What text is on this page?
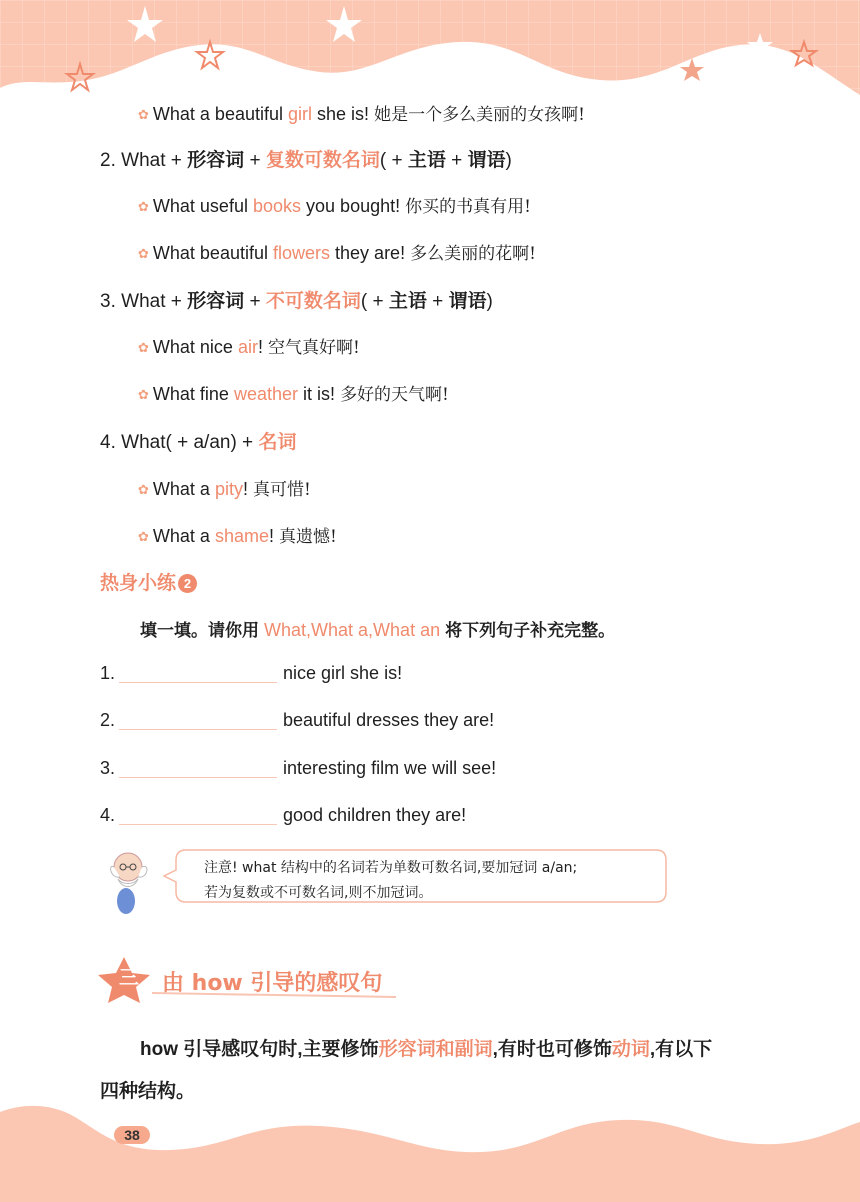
✿ What a beautiful girl she is! 她是一个多么美丽的女孩啊!
2. What + 形容词 + 复数可数名词( + 主语 + 谓语)
✿ What useful books you bought! 你买的书真有用!
✿ What beautiful flowers they are! 多么美丽的花啊!
3. What + 形容词 + 不可数名词( + 主语 + 谓语)
✿ What nice air! 空气真好啊!
✿ What fine weather it is! 多好的天气啊!
4. What( + a/an) + 名词
✿ What a pity! 真可惜!
✿ What a shame! 真遗憾!
热身小练 2
填一填。请你用 What,What a,What an 将下列句子补充完整。
1.	nice girl she is!
2.	beautiful dresses they are!
3.	interesting film we will see!
4.	good children they are!
注意! what 结构中的名词若为单数可数名词,要加冠词 a/an;
若为复数或不可数名词,则不加冠词。
三 由 how 引导的感叹句
how 引导感叹句时,主要修饰形容词和副词,有时也可修饰动词,有以下
四种结构。
38
